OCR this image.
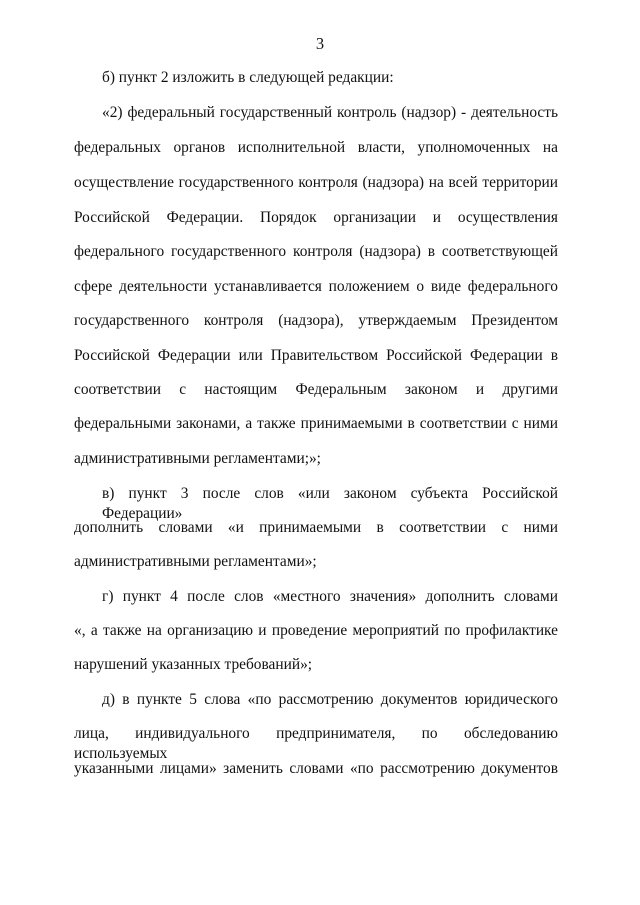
3
б) пункт 2 изложить в следующей редакции:
«2) федеральный государственный контроль (надзор) - деятельность
федеральных органов исполнительной власти, уполномоченных на
осуществление государственного контроля (надзора) на всей территории
Российской Федерации. Порядок организации и осуществления
федерального государственного контроля (надзора) в соответствующей
сфере деятельности устанавливается положением о виде федерального
государственного контроля (надзора), утверждаемым Президентом
Российской Федерации или Правительством Российской Федерации в
соответствии с настоящим Федеральным законом и другими
федеральными законами, а также принимаемыми в соответствии с ними
административными регламентами;»;
в) пункт 3 после слов «или законом субъекта Российской Федерации»
дополнить словами «и принимаемыми в соответствии с ними
административными регламентами»;
г) пункт 4 после слов «местного значения» дополнить словами
«, а также на организацию и проведение мероприятий по профилактике
нарушений указанных требований»;
д) в пункте 5 слова «по рассмотрению документов юридического
лица, индивидуального предпринимателя, по обследованию используемых
указанными лицами» заменить словами «по рассмотрению документов
